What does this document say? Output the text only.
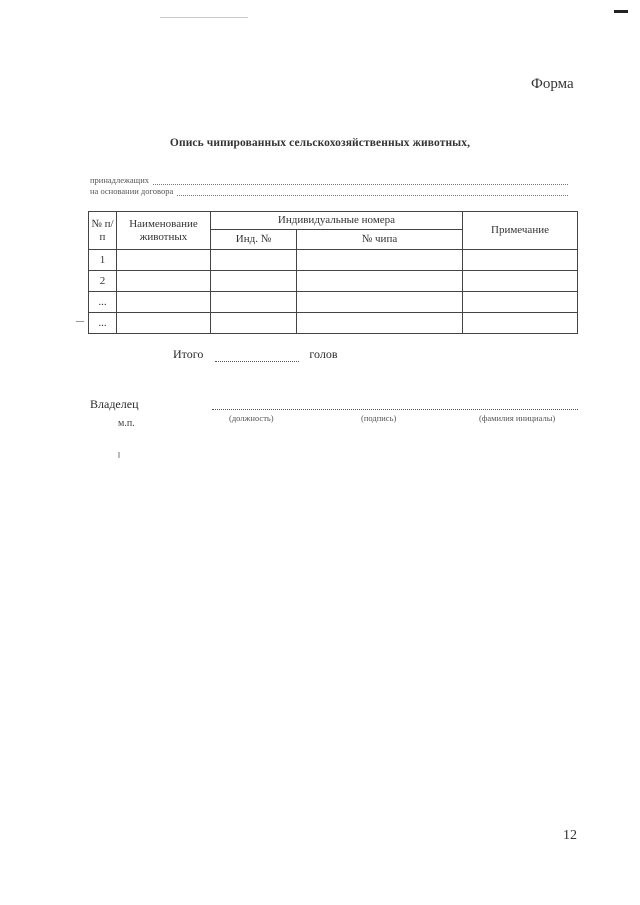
Форма
Опись чипированных сельскохозяйственных животных,
принадлежащих
на основании договора
№ п/п	Наименование животных	Индивидуальные номера		Примечание
		Инд. №	№ чипа	
1				
2				
...				
...				
Итого	голов
Владелец
м.п.	(должность)	(подпись)	(фамилия инициалы)
12
